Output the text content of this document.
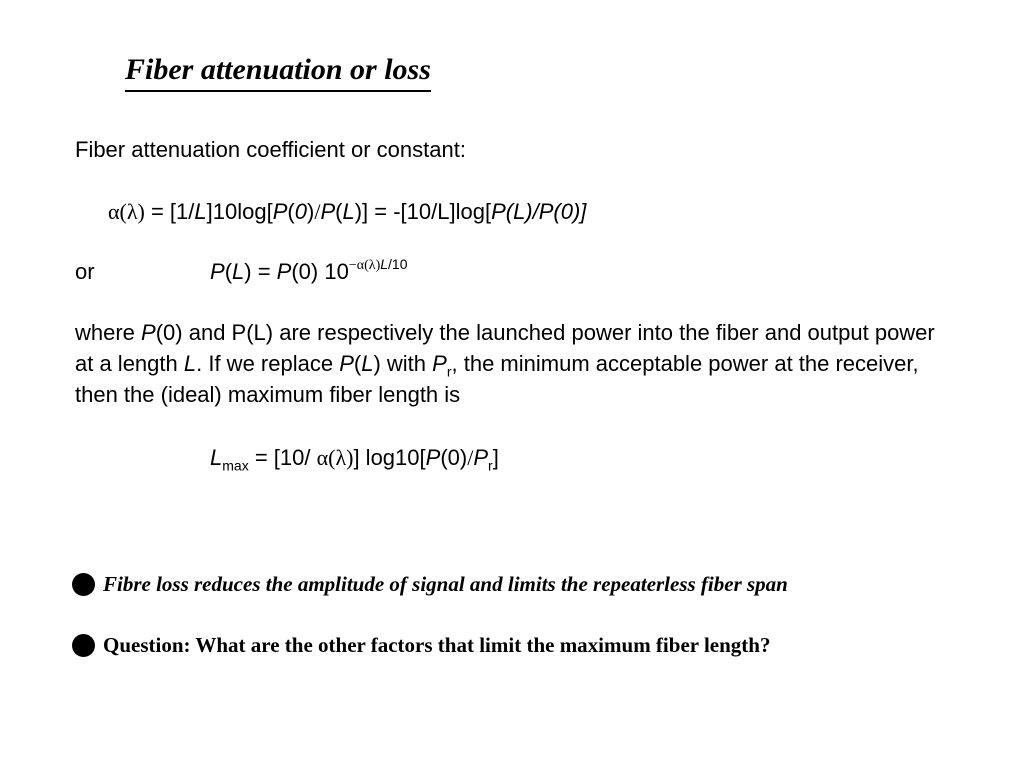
Fiber attenuation or loss
Fiber attenuation coefficient or constant:
α(λ) = [1/L]10log[P(0)/P(L)] = -[10/L]log[P(L)/P(0)]
or	P(L) = P(0) $10^{-\alpha(\lambda)L/10}$
where P(0) and P(L) are respectively the launched power into the fiber and output power at a length L. If we replace P(L) with $P_r$, the minimum acceptable power at the receiver, then the (ideal) maximum fiber length is
$L_{max} = [10/$ α(λ)] $\log 10[P(0)/P_r]$
Fibre loss reduces the amplitude of signal and limits the repeaterless fiber span
Question: What are the other factors that limit the maximum fiber length?
